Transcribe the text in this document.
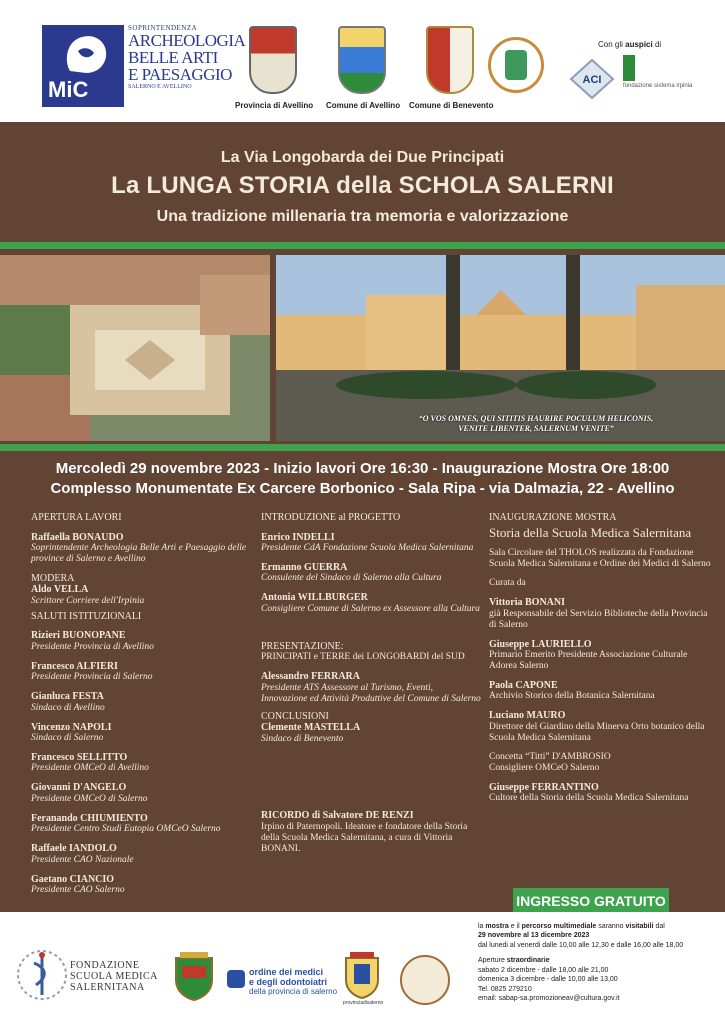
MiC
SOPRINTENDENZA
ARCHEOLOGIA
BELLE ARTI
E PAESAGGIO
SALERNO E AVELLINO
Provincia di Avellino Comune di Avellino Comune di Benevento
Con gli auspici di
ACI	fondazione sistema irpinia
La Via Longobarda dei Due Principati
La LUNGA STORIA della SCHOLA SALERNI
Una tradizione millenaria tra memoria e valorizzazione
“O VOS OMNES, QUI SITITIS HAURIRE POCULUM HELICONIS,
VENITE LIBENTER, SALERNUM VENITE”
Mercoledì 29 novembre 2023 - Inizio lavori Ore 16:30 - Inaugurazione Mostra Ore 18:00
Complesso Monumentate Ex Carcere Borbonico - Sala Ripa - via Dalmazia, 22 - Avellino
APERTURA LAVORI
Raffaella BONAUDO
Soprintendente Archeologia Belle Arti e Paesaggio delle province di Salerno e Avellino
MODERA
Aldo VELLA
Scrittore Corriere dell'Irpinia
SALUTI ISTITUZIONALI
Rizieri BUONOPANE
Presidente Provincia di Avellino
Francesco ALFIERI
Presidente Provincia di Salerno
Gianluca FESTA
Sindaco di Avellino
Vincenzo NAPOLI
Sindaco di Salerno
Francesco SELLITTO
Presidente OMCeO di Avellino
Giovanni D'ANGELO
Presidente OMCeO di Salerno
Feranando CHIUMIENTO
Presidente Centro Studi Eutopia OMCeO Salerno
Raffaele IANDOLO
Presidente CAO Nazionale
Gaetano CIANCIO
Presidente CAO Salerno
INTRODUZIONE al PROGETTO
Enrico INDELLI
Presidente CdA Fondazione Scuola Medica Salernitana
Ermanno GUERRA
Consulente del Sindaco di Salerno alla Cultura
Antonia WILLBURGER
Consigliere Comune di Salerno ex Assessore alla Cultura
PRESENTAZIONE:
PRINCIPATI e TERRE dei LONGOBARDI del SUD
Alessandro FERRARA
Presidente ATS Assessore al Turismo, Eventi, Innovazione ed Attività Produttive del Comune di Salerno
CONCLUSIONI
Clemente MASTELLA
Sindaco di Benevento
RICORDO di Salvatore DE RENZI
Irpino di Paternopoli. Ideatore e fondatore della Storia della Scuola Medica Salernitana, a cura di Vittoria BONANI.
INAUGURAZIONE MOSTRA
Storia della Scuola Medica Salernitana
Sala Circolare del THOLOS realizzata da Fondazione Scuola Medica Salernitana e Ordine dei Medici di Salerno
Curata da
Vittoria BONANI
già Responsabile del Servizio Biblioteche della Provincia di Salerno
Giuseppe LAURIELLO
Primario Emerito Presidente Associazione Culturale Adorea Salerno
Paola CAPONE
Archivio Storico della Botanica Salernitana
Luciano MAURO
Direttore del Giardino della Minerva Orto botanico della Scuola Medica Salernitana
Concetta “Titti” D'AMBROSIO
Consigliere OMCeO Salerno
Giuseppe FERRANTINO
Cultore della Storia della Scuola Medica Salernitana
INGRESSO GRATUITO
la mostra e il percorso multimediale saranno visitabili dal
29 novembre al 13 dicembre 2023
dal lunedi al venerdi dalle 10,00 alle 12,30 e dalle 16,00 alle 18,00
Aperture straordinarie
sabato 2 dicembre - dalle 18,00 alle 21,00
domenica 3 dicembre - dalle 10,00 alle 13,00
Tel. 0825 279210
email: sabap-sa.promozioneav@cultura.gov.it
FONDAZIONE
SCUOLA MEDICA
SALERNITANA
ordine dei medici
e degli odontoiatri
della provincia di salerno
provinciadisalerno
